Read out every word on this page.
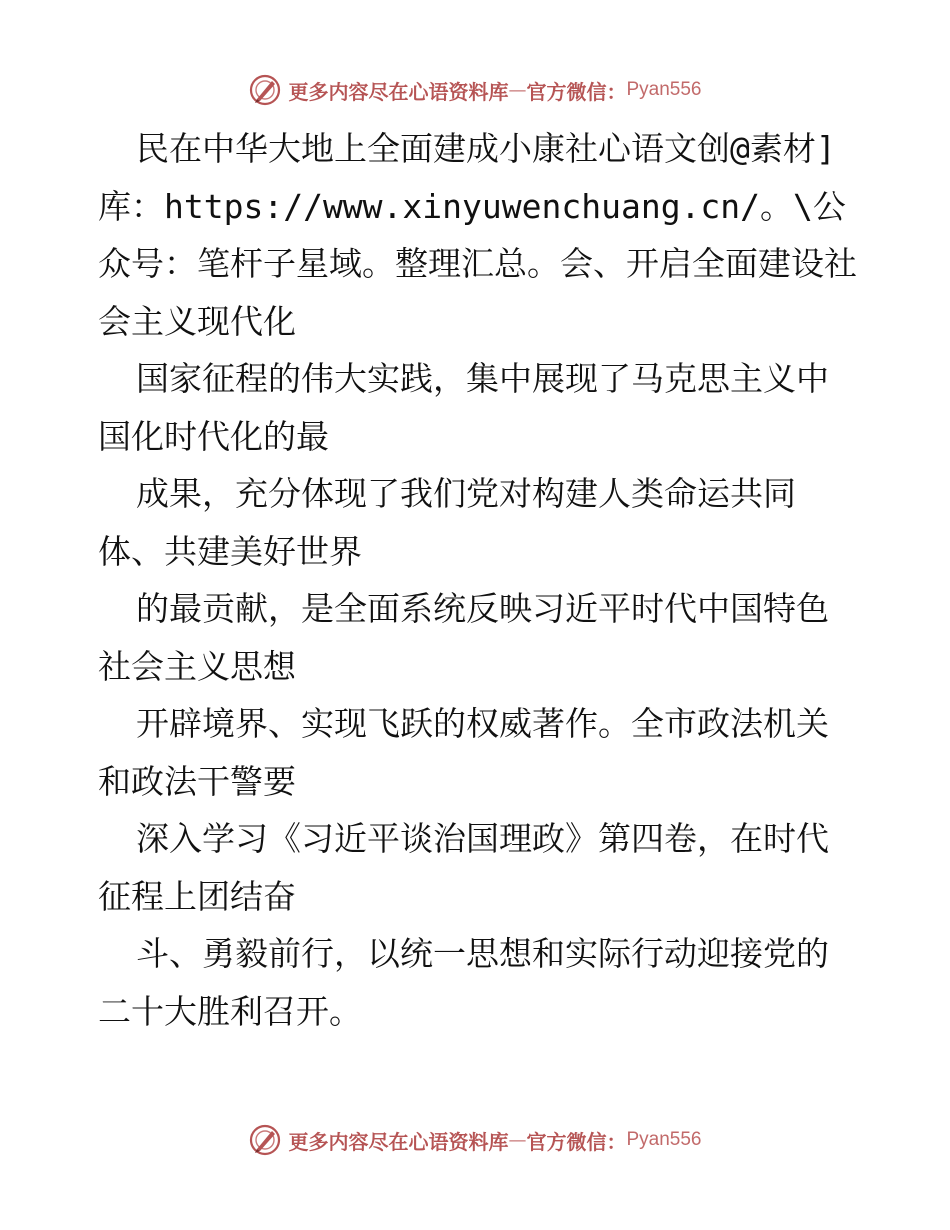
更多内容尽在心语资料库 — 官方微信： Pyan556

民在中华大地上全面建成小康社心语文创@素材]库：https://www.xinyuwenchuang.cn/。\公众号：笔杆子星域。整理汇总。会、开启全面建设社会主义现代化

国家征程的伟大实践，集中展现了马克思主义中国化时代化的最

成果，充分体现了我们党对构建人类命运共同体、共建美好世界

的最贡献，是全面系统反映习近平时代中国特色社会主义思想

开辟境界、实现飞跃的权威著作。全市政法机关和政法干警要

深入学习《习近平谈治国理政》第四卷，在时代征程上团结奋

斗、勇毅前行，以统一思想和实际行动迎接党的二十大胜利召开。

更多内容尽在心语资料库 — 官方微信： Pyan556
